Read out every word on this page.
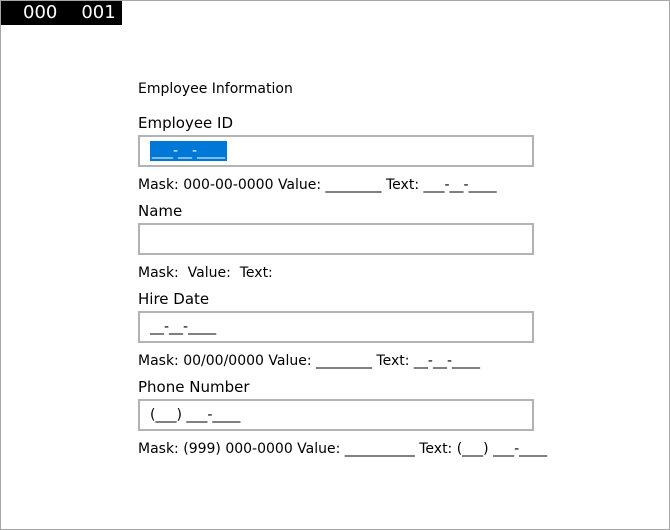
000 001
Employee Information
Employee ID
___-__-____
Mask: 000-00-0000 Value: ________ Text: ___-__-____
Name
Mask:  Value:  Text:
Hire Date
__-__-____
Mask: 00/00/0000 Value: ________ Text: __-__-____
Phone Number
(___) ___-____
Mask: (999) 000-0000 Value: __________ Text: (___) ___-____
